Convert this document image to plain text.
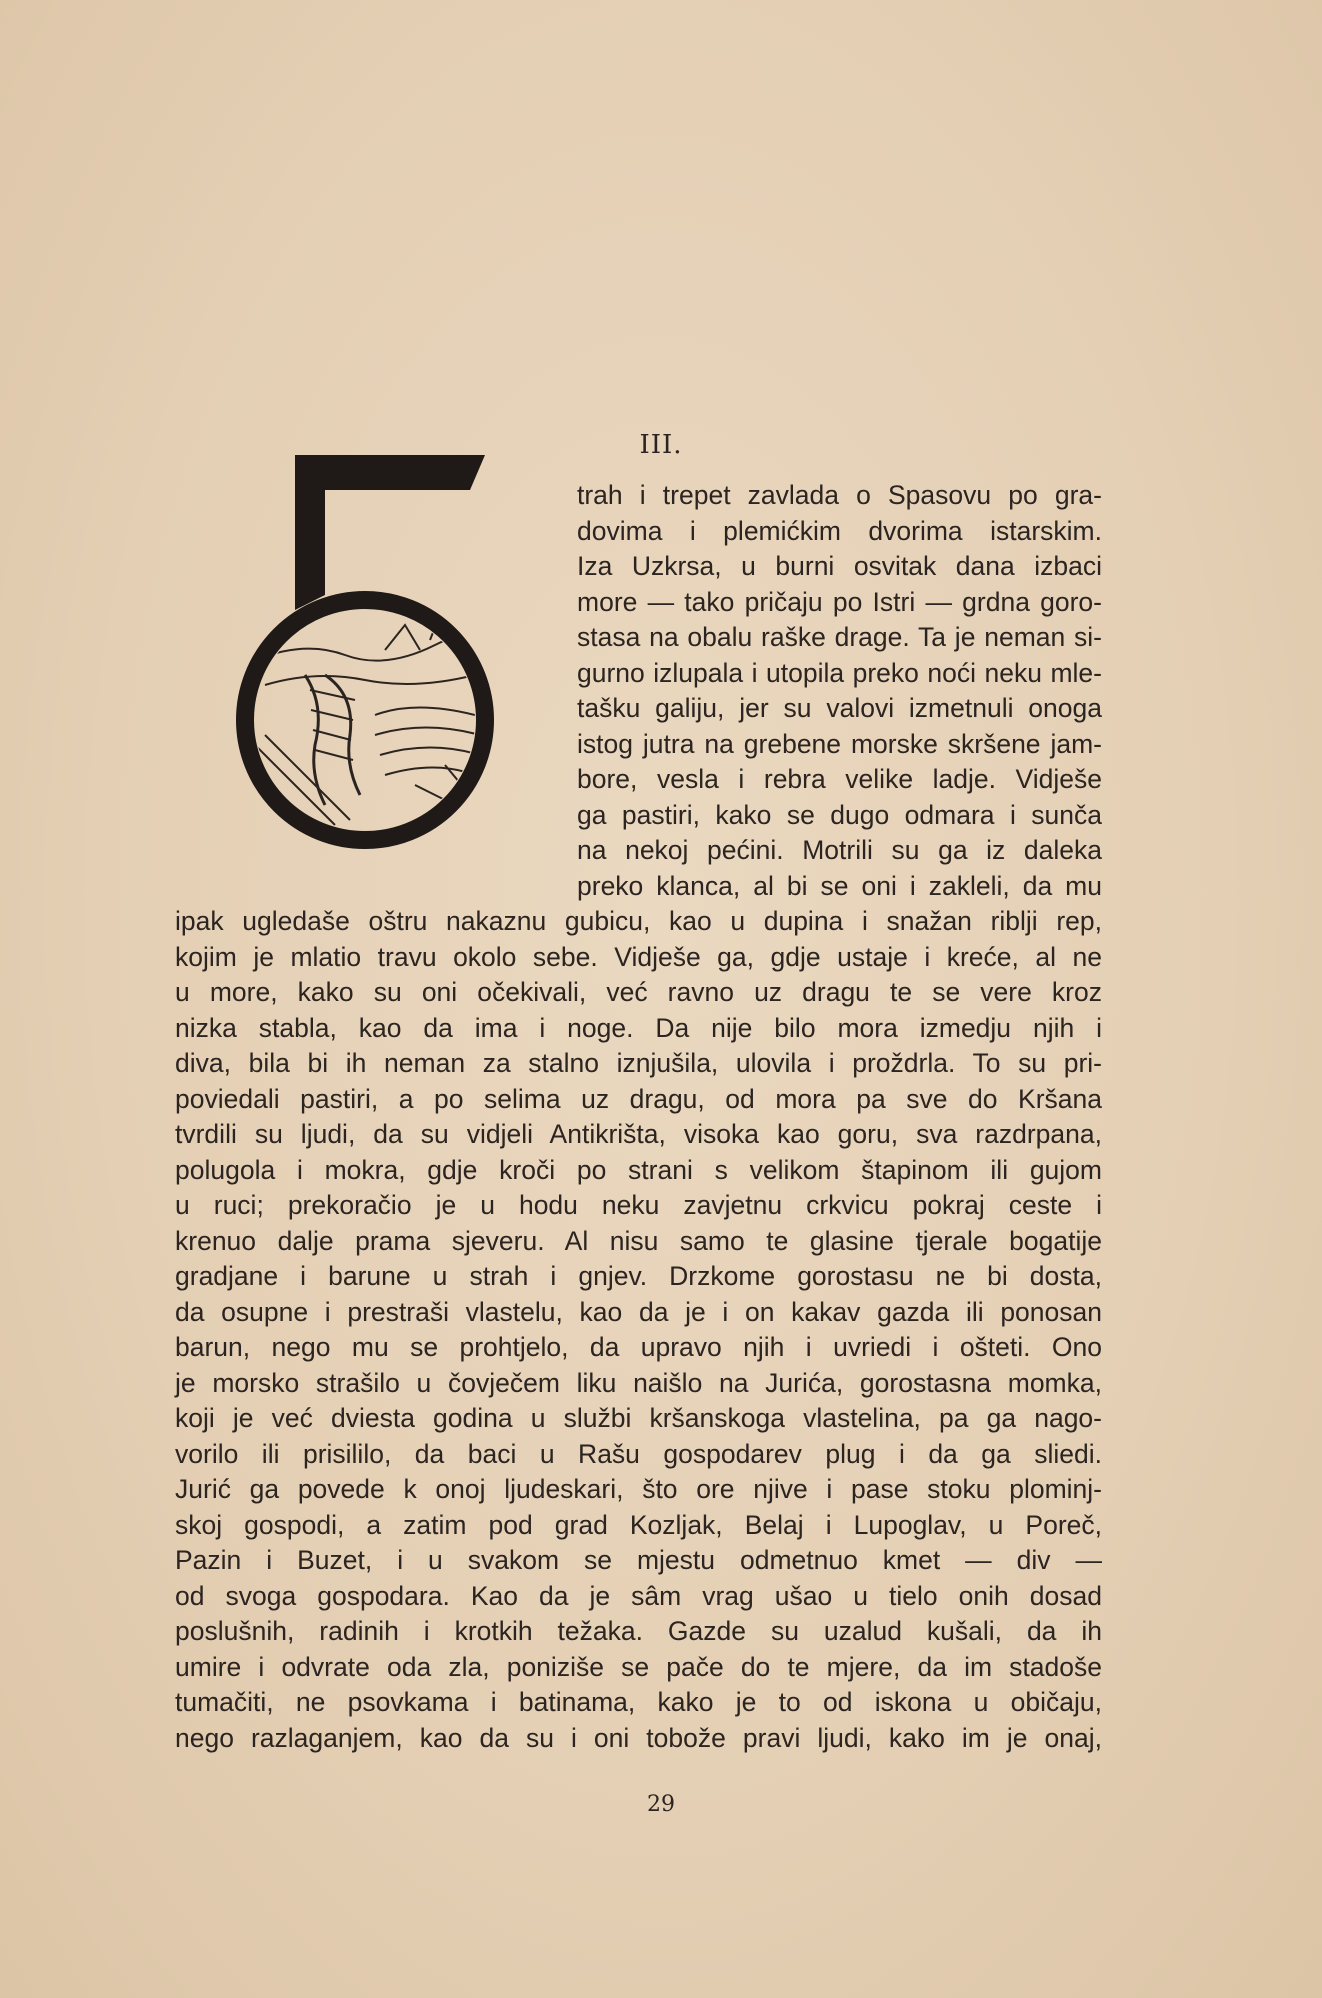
III.
trah i trepet zavlada o Spasovu po gra-
dovima i plemićkim dvorima istarskim.
Iza Uzkrsa, u burni osvitak dana izbaci
more — tako pričaju po Istri — grdna goro-
stasa na obalu raške drage. Ta je neman si-
gurno izlupala i utopila preko noći neku mle-
tašku galiju, jer su valovi izmetnuli onoga
istog jutra na grebene morske skršene jam-
bore, vesla i rebra velike ladje. Vidješe
ga pastiri, kako se dugo odmara i sunča
na nekoj pećini. Motrili su ga iz daleka
preko klanca, al bi se oni i zakleli, da mu
ipak ugledaše oštru nakaznu gubicu, kao u dupina i snažan riblji rep,
kojim je mlatio travu okolo sebe. Vidješe ga, gdje ustaje i kreće, al ne
u more, kako su oni očekivali, već ravno uz dragu te se vere kroz
nizka stabla, kao da ima i noge. Da nije bilo mora izmedju njih i
diva, bila bi ih neman za stalno iznjušila, ulovila i proždrla. To su pri-
poviedali pastiri, a po selima uz dragu, od mora pa sve do Kršana
tvrdili su ljudi, da su vidjeli Antikrišta, visoka kao goru, sva razdrpana,
polugola i mokra, gdje kroči po strani s velikom štapinom ili gujom
u ruci; prekoračio je u hodu neku zavjetnu crkvicu pokraj ceste i
krenuo dalje prama sjeveru. Al nisu samo te glasine tjerale bogatije
gradjane i barune u strah i gnjev. Drzkome gorostasu ne bi dosta,
da osupne i prestraši vlastelu, kao da je i on kakav gazda ili ponosan
barun, nego mu se prohtjelo, da upravo njih i uvriedi i ošteti. Ono
je morsko strašilo u čovječem liku naišlo na Jurića, gorostasna momka,
koji je već dviesta godina u službi kršanskoga vlastelina, pa ga nago-
vorilo ili prisililo, da baci u Rašu gospodarev plug i da ga sliedi.
Jurić ga povede k onoj ljudeskari, što ore njive i pase stoku plominj-
skoj gospodi, a zatim pod grad Kozljak, Belaj i Lupoglav, u Poreč,
Pazin i Buzet, i u svakom se mjestu odmetnuo kmet — div —
od svoga gospodara. Kao da je sâm vrag ušao u tielo onih dosad
poslušnih, radinih i krotkih težaka. Gazde su uzalud kušali, da ih
umire i odvrate oda zla, poniziše se pače do te mjere, da im stadoše
tumačiti, ne psovkama i batinama, kako je to od iskona u običaju,
nego razlaganjem, kao da su i oni tobože pravi ljudi, kako im je onaj,
29
